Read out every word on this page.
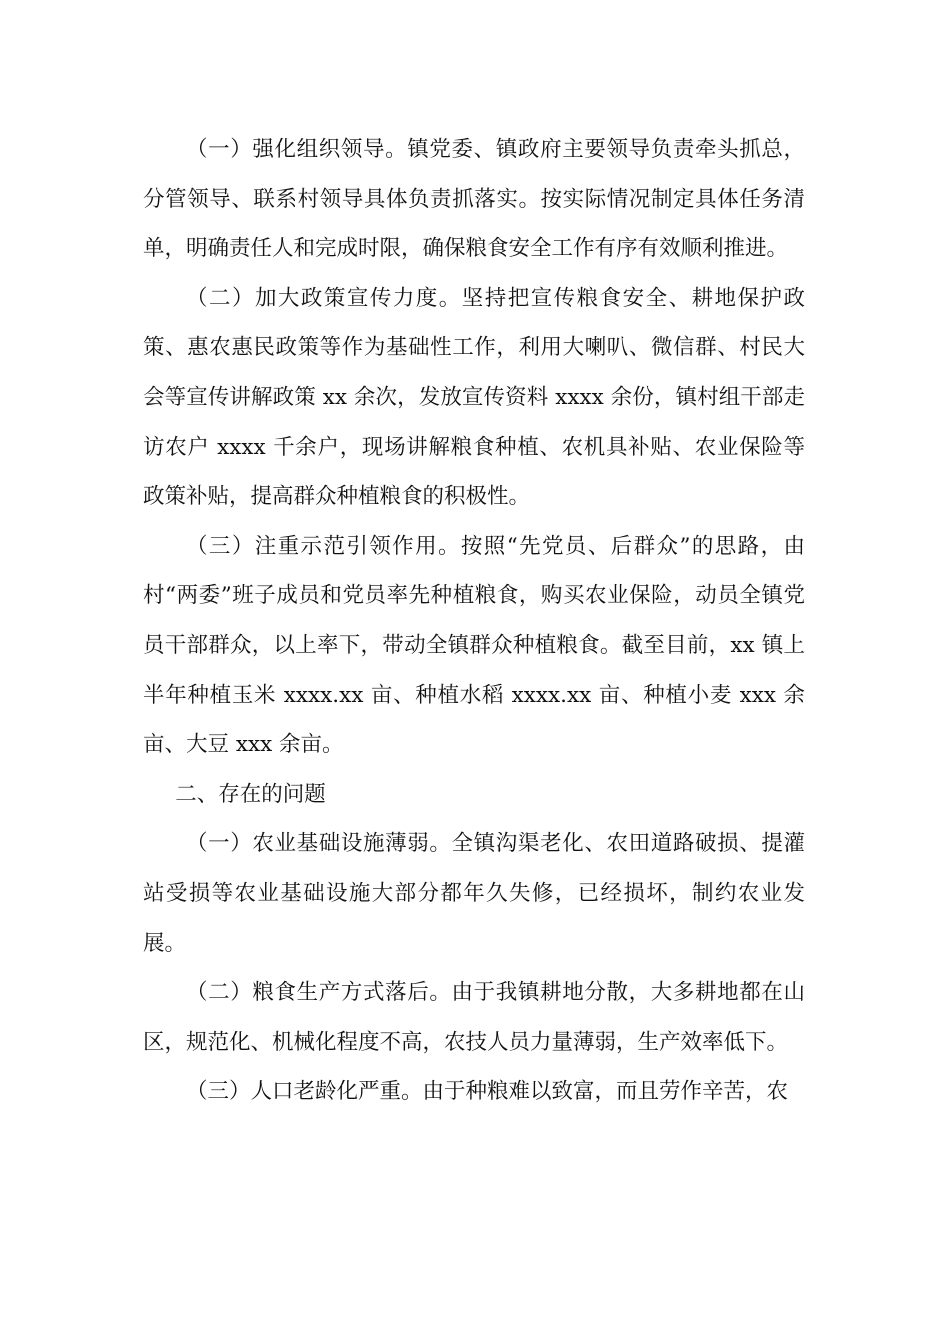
（一）强化组织领导。镇党委、镇政府主要领导负责牵头抓总，分管领导、联系村领导具体负责抓落实。按实际情况制定具体任务清单，明确责任人和完成时限，确保粮食安全工作有序有效顺利推进。

（二）加大政策宣传力度。坚持把宣传粮食安全、耕地保护政策、惠农惠民政策等作为基础性工作，利用大喇叭、微信群、村民大会等宣传讲解政策 xx 余次，发放宣传资料 xxxx 余份，镇村组干部走访农户 xxxx 千余户，现场讲解粮食种植、农机具补贴、农业保险等政策补贴，提高群众种植粮食的积极性。

（三）注重示范引领作用。按照“先党员、后群众”的思路，由村“两委”班子成员和党员率先种植粮食，购买农业保险，动员全镇党员干部群众，以上率下，带动全镇群众种植粮食。截至目前，xx 镇上半年种植玉米 xxxx.xx 亩、种植水稻 xxxx.xx 亩、种植小麦 xxx 余亩、大豆 xxx 余亩。

二、存在的问题

（一）农业基础设施薄弱。全镇沟渠老化、农田道路破损、提灌站受损等农业基础设施大部分都年久失修，已经损坏，制约农业发展。

（二）粮食生产方式落后。由于我镇耕地分散，大多耕地都在山区，规范化、机械化程度不高，农技人员力量薄弱，生产效率低下。

（三）人口老龄化严重。由于种粮难以致富，而且劳作辛苦，农
